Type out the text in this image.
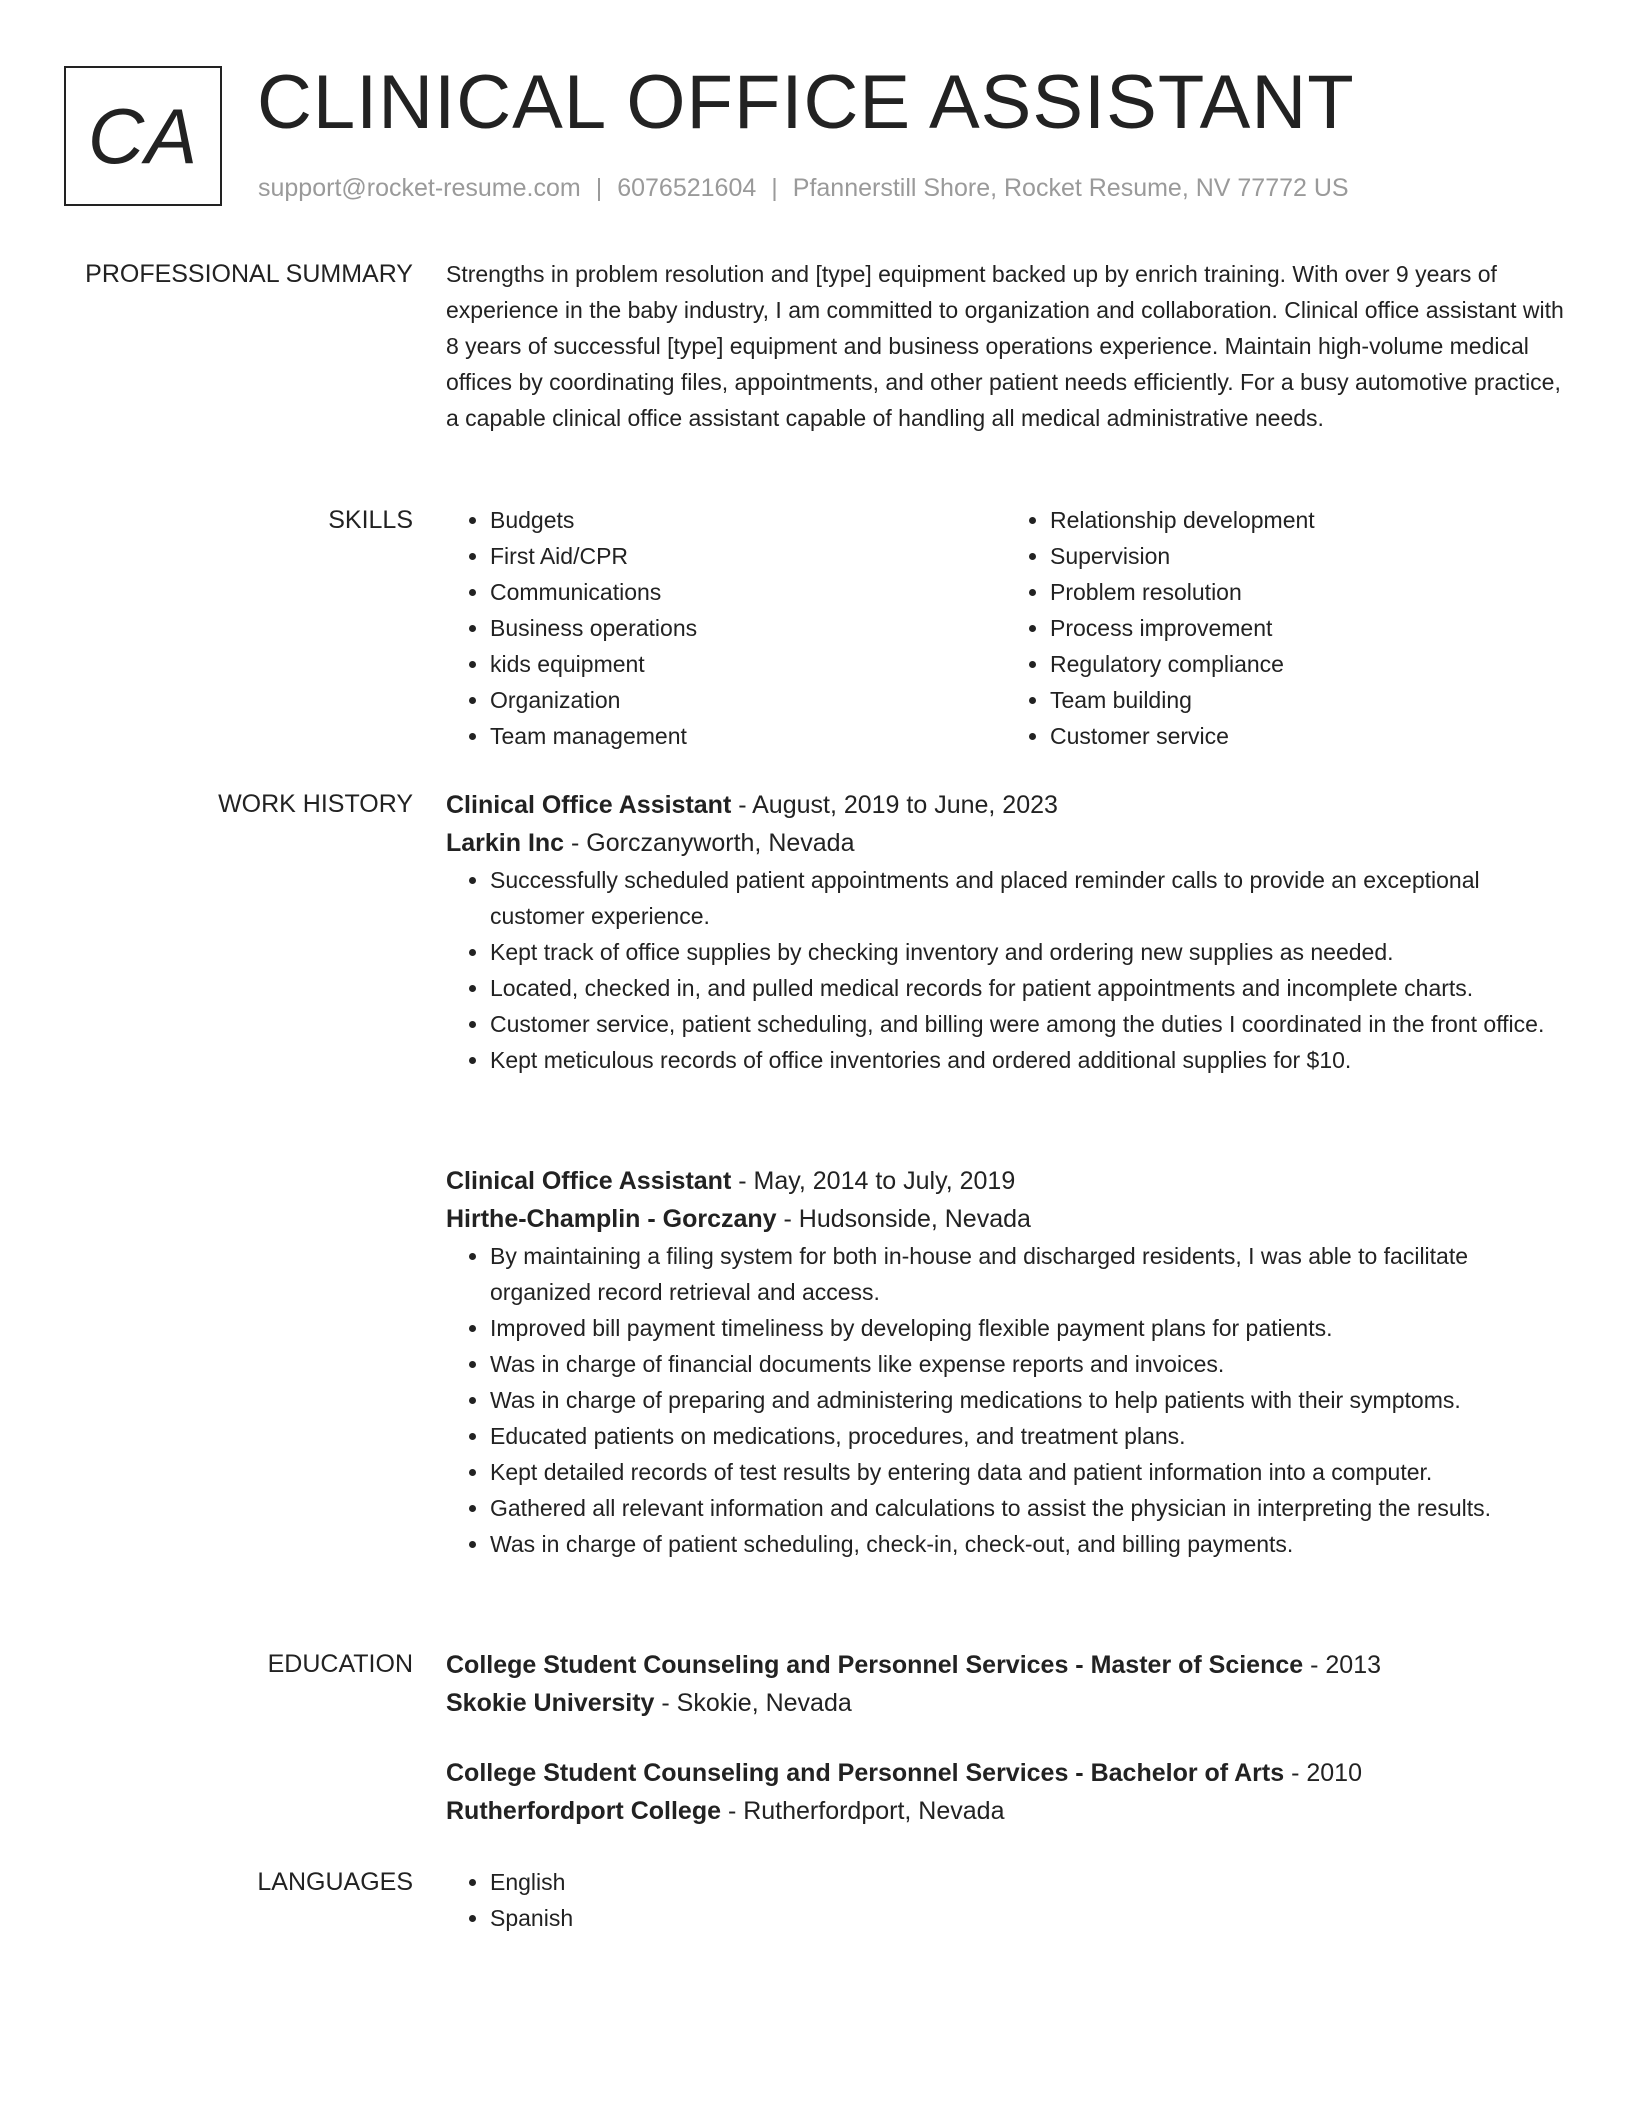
CA CLINICAL OFFICE ASSISTANT
support@rocket-resume.com | 6076521604 | Pfannerstill Shore, Rocket Resume, NV 77772 US
PROFESSIONAL SUMMARY Strengths in problem resolution and [type] equipment backed up by enrich training. With over 9 years of experience in the baby industry, I am committed to organization and collaboration. Clinical office assistant with 8 years of successful [type] equipment and business operations experience. Maintain high-volume medical offices by coordinating files, appointments, and other patient needs efficiently. For a busy automotive practice, a capable clinical office assistant capable of handling all medical administrative needs.

SKILLS	• Budgets
• First Aid/CPR
• Communications
• Business operations
• kids equipment
• Organization
• Team management
• Relationship development
• Supervision
• Problem resolution
• Process improvement
• Regulatory compliance
• Team building
• Customer service
WORK HISTORY Clinical Office Assistant - August, 2019 to June, 2023
Larkin Inc - Gorczanyworth, Nevada
• Successfully scheduled patient appointments and placed reminder calls to provide an exceptional customer experience.
• Kept track of office supplies by checking inventory and ordering new supplies as needed.
• Located, checked in, and pulled medical records for patient appointments and incomplete charts.
• Customer service, patient scheduling, and billing were among the duties I coordinated in the front office.
• Kept meticulous records of office inventories and ordered additional supplies for $10.
Clinical Office Assistant - May, 2014 to July, 2019
Hirthe-Champlin - Gorczany - Hudsonside, Nevada
• By maintaining a filing system for both in-house and discharged residents, I was able to facilitate organized record retrieval and access.
• Improved bill payment timeliness by developing flexible payment plans for patients.
• Was in charge of financial documents like expense reports and invoices.
• Was in charge of preparing and administering medications to help patients with their symptoms.
• Educated patients on medications, procedures, and treatment plans.
• Kept detailed records of test results by entering data and patient information into a computer.
• Gathered all relevant information and calculations to assist the physician in interpreting the results.
• Was in charge of patient scheduling, check-in, check-out, and billing payments.
EDUCATION College Student Counseling and Personnel Services - Master of Science - 2013
Skokie University - Skokie, Nevada
College Student Counseling and Personnel Services - Bachelor of Arts - 2010
Rutherfordport College - Rutherfordport, Nevada
LANGUAGES	• English
• Spanish
